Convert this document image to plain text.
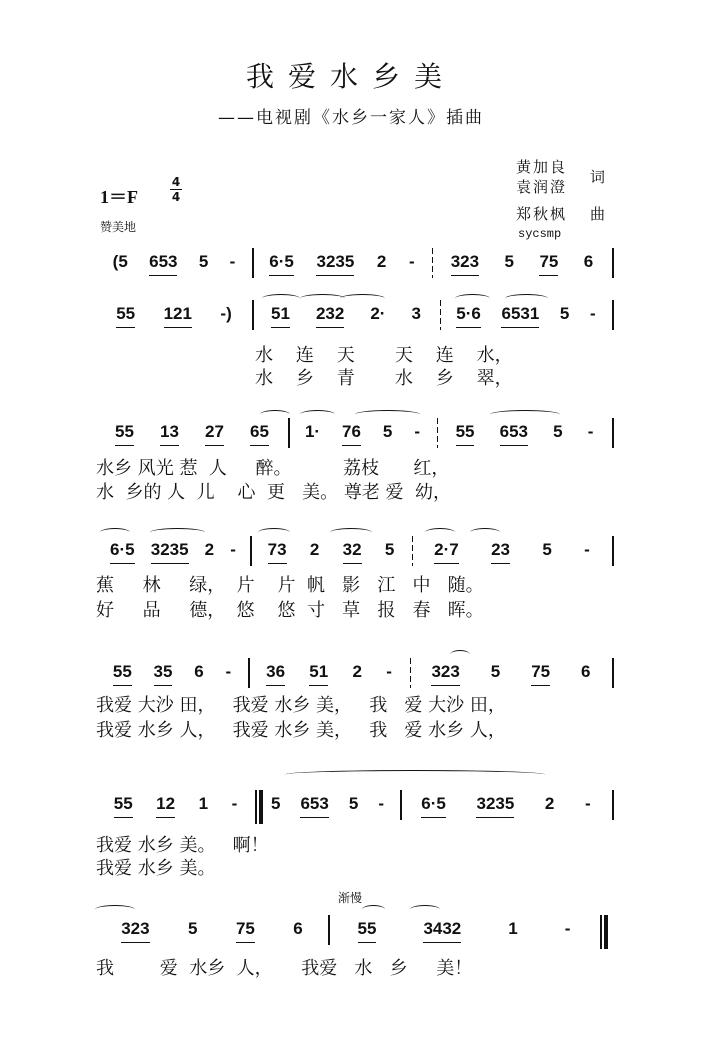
我爱水乡美
——电视剧《水乡一家人》插曲
1＝F
4
4
赞美地
黄加良
袁润澄
词
郑秋枫 曲
sycsmp
渐慢
(5 653 5 - 6·5 3235 2 - 323 5 75 6
55 121 -) 51 232 2· 3 5·6 6531 5 -
水    连    天       天    连    水，
水    乡    青       水    乡    翠，
55 13 27 65 1· 76 5 - 55 653 5 -
水乡 风光 惹  人     醉。         荔枝      红，
水  乡的 人  儿    心  更   美。 尊老 爱  幼，
6·5 3235 2 - 73 2 32 5 2·7 23 5 -
蕉     林     绿，  片    片  帆   影   江   中   随。
好     品     德，  悠    悠  寸   草   报   春   晖。
55 35 6 - 36 51 2 - 323 5 75 6
我爱 大沙 田，   我爱 水乡 美，   我   爱 大沙 田，
我爱 水乡 人，   我爱 水乡 美，   我   爱 水乡 人，
55 12 1 - 5 653 5 - 6·5 3235 2 -
我爱 水乡 美。   啊！
我爱 水乡 美。
323 5 75 6	55	3432	1	-
我        爱  水乡  人，     我爱   水   乡     美！
